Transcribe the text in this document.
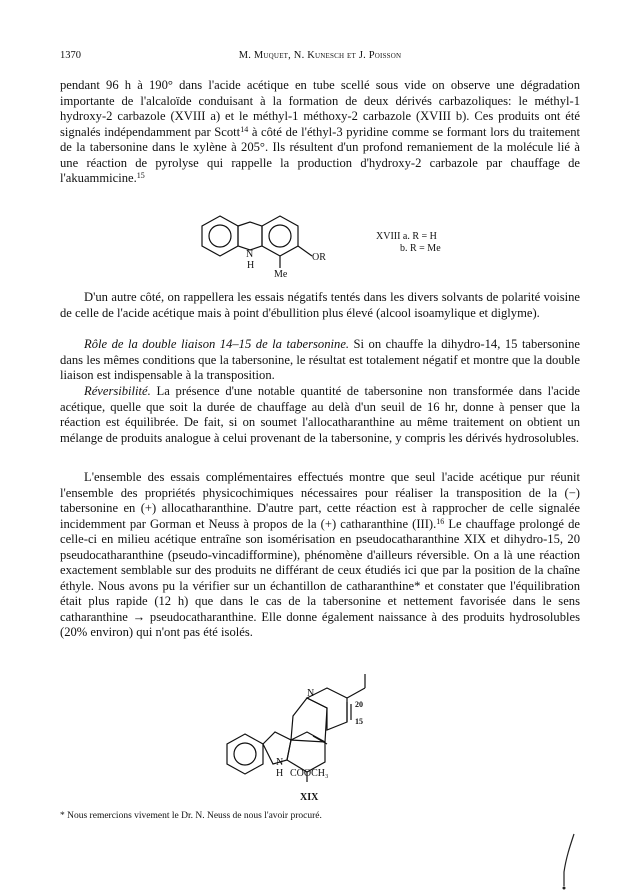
1370	M. Muquet, N. Kunesch et J. Poisson

pendant 96 h à 190° dans l'acide acétique en tube scellé sous vide on observe une dégradation importante de l'alcaloïde conduisant à la formation de deux dérivés carbazoliques: le méthyl-1 hydroxy-2 carbazole (XVIII a) et le méthyl-1 méthoxy-2 carbazole (XVIII b). Ces produits ont été signalés indépendamment par Scott$^{14}$ à côté de l'éthyl-3 pyridine comme se formant lors du traitement de la tabersonine dans le xylène à 205°. Ils résultent d'un profond remaniement de la molécule lié à une réaction de pyrolyse qui rappelle la production d'hydroxy-2 carbazole par chauffage de l'akuammicine.$^{15}$

N
H
OR
Me
XVIII a. R = H
b. R = Me

D'un autre côté, on rappellera les essais négatifs tentés dans les divers solvants de polarité voisine de celle de l'acide acétique mais à point d'ébullition plus élevé (alcool isoamylique et diglyme).

Rôle de la double liaison 14–15 de la tabersonine. Si on chauffe la dihydro-14, 15 tabersonine dans les mêmes conditions que la tabersonine, le résultat est totalement négatif et montre que la double liaison est indispensable à la transposition.

Réversibilité. La présence d'une notable quantité de tabersonine non transformée dans l'acide acétique, quelle que soit la durée de chauffage au delà d'un seuil de 16 hr, donne à penser que la réaction est équilibrée. De fait, si on soumet l'allocatharanthine au même traitement on obtient un mélange de produits analogue à celui provenant de la tabersonine, y compris les dérivés hydrosolubles.

L'ensemble des essais complémentaires effectués montre que seul l'acide acétique pur réunit l'ensemble des propriétés physicochimiques nécessaires pour réaliser la transposition de la (−) tabersonine en (+) allocatharanthine. D'autre part, cette réaction est à rapprocher de celle signalée incidemment par Gorman et Neuss à propos de la (+) catharanthine (III).$^{16}$ Le chauffage prolongé de celle-ci en milieu acétique entraîne son isomérisation en pseudocatharanthine XIX et dihydro-15, 20 pseudocatharanthine (pseudo-vincadifformine), phénomène d'ailleurs réversible. On a là une réaction exactement semblable sur des produits ne différant de ceux étudiés ici que par la position de la chaîne éthyle. Nous avons pu la vérifier sur un échantillon de catharanthine* et constater que l'équilibration était plus rapide (12 h) que dans le cas de la tabersonine et nettement favorisée dans le sens catharanthine → pseudocatharanthine. Elle donne également naissance à des produits hydrosolubles (20% environ) qui n'ont pas été isolés.

N
N
H
20
15
COOCH₃
XIX
* Nous remercions vivement le Dr. N. Neuss de nous l'avoir procuré.
